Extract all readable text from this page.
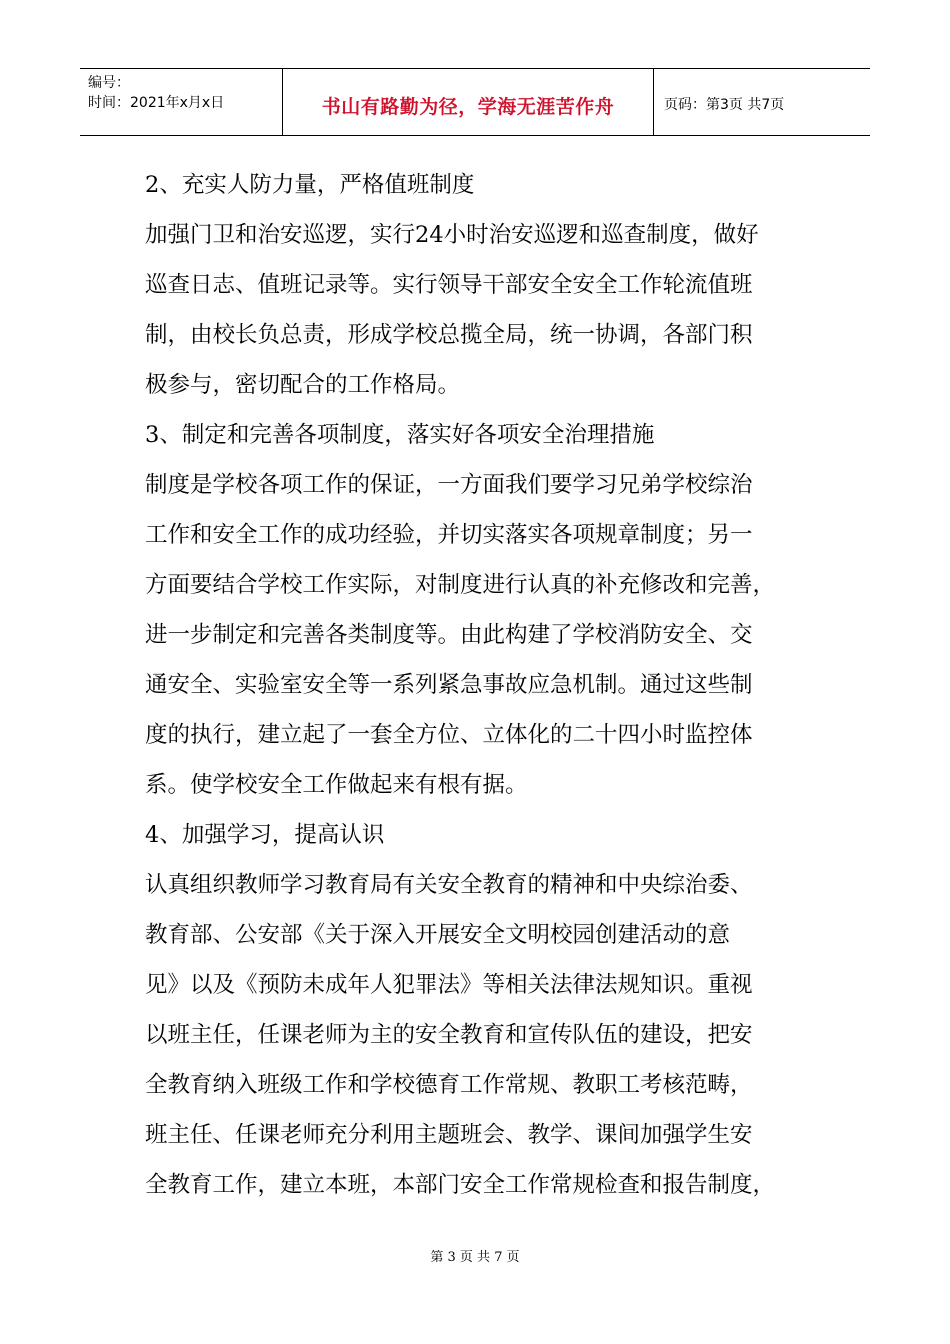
编号：
时间：2021年x月x日	书山有路勤为径，学海无涯苦作舟	页码：第3页 共7页
2、充实人防力量，严格值班制度
加强门卫和治安巡逻，实行24小时治安巡逻和巡查制度，做好
巡查日志、值班记录等。实行领导干部安全安全工作轮流值班
制，由校长负总责，形成学校总揽全局，统一协调，各部门积
极参与，密切配合的工作格局。
3、制定和完善各项制度，落实好各项安全治理措施
制度是学校各项工作的保证，一方面我们要学习兄弟学校综治
工作和安全工作的成功经验，并切实落实各项规章制度；另一
方面要结合学校工作实际，对制度进行认真的补充修改和完善，
进一步制定和完善各类制度等。由此构建了学校消防安全、交
通安全、实验室安全等一系列紧急事故应急机制。通过这些制
度的执行，建立起了一套全方位、立体化的二十四小时监控体
系。使学校安全工作做起来有根有据。
4、加强学习，提高认识
认真组织教师学习教育局有关安全教育的精神和中央综治委、
教育部、公安部《关于深入开展安全文明校园创建活动的意
见》以及《预防未成年人犯罪法》等相关法律法规知识。重视
以班主任，任课老师为主的安全教育和宣传队伍的建设，把安
全教育纳入班级工作和学校德育工作常规、教职工考核范畴，
班主任、任课老师充分利用主题班会、教学、课间加强学生安
全教育工作，建立本班，本部门安全工作常规检查和报告制度，
第 3 页 共 7 页
